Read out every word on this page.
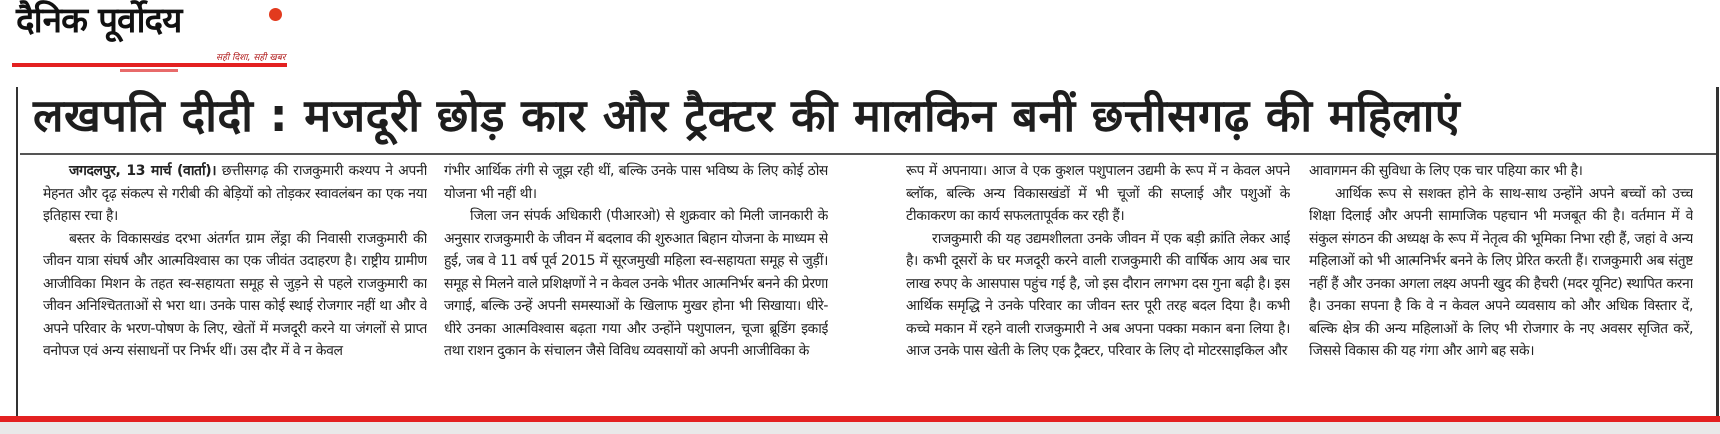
दैनिक पूर्वोदय
सही दिशा, सही खबर
लखपति दीदी : मजदूरी छोड़ कार और ट्रैक्टर की मालकिन बनीं छत्तीसगढ़ की महिलाएं

जगदलपुर, 13 मार्च (वार्ता)। छत्तीसगढ़ की राजकुमारी कश्यप ने अपनी मेहनत और दृढ़ संकल्प से गरीबी की बेड़ियों को तोड़कर स्वावलंबन का एक नया इतिहास रचा है।

बस्तर के विकासखंड दरभा अंतर्गत ग्राम लेंड्रा की निवासी राजकुमारी की जीवन यात्रा संघर्ष और आत्मविश्वास का एक जीवंत उदाहरण है। राष्ट्रीय ग्रामीण आजीविका मिशन के तहत स्व-सहायता समूह से जुड़ने से पहले राजकुमारी का जीवन अनिश्चितताओं से भरा था। उनके पास कोई स्थाई रोजगार नहीं था और वे अपने परिवार के भरण-पोषण के लिए, खेतों में मजदूरी करने या जंगलों से प्राप्त वनोपज एवं अन्य संसाधनों पर निर्भर थीं। उस दौर में वे न केवल

गंभीर आर्थिक तंगी से जूझ रही थीं, बल्कि उनके पास भविष्य के लिए कोई ठोस योजना भी नहीं थी।

जिला जन संपर्क अधिकारी (पीआरओ) से शुक्रवार को मिली जानकारी के अनुसार राजकुमारी के जीवन में बदलाव की शुरुआत बिहान योजना के माध्यम से हुई, जब वे 11 वर्ष पूर्व 2015 में सूरजमुखी महिला स्व-सहायता समूह से जुड़ीं। समूह से मिलने वाले प्रशिक्षणों ने न केवल उनके भीतर आत्मनिर्भर बनने की प्रेरणा जगाई, बल्कि उन्हें अपनी समस्याओं के खिलाफ मुखर होना भी सिखाया। धीरे-धीरे उनका आत्मविश्वास बढ़ता गया और उन्होंने पशुपालन, चूजा ब्रूडिंग इकाई तथा राशन दुकान के संचालन जैसे विविध व्यवसायों को अपनी आजीविका के

रूप में अपनाया। आज वे एक कुशल पशुपालन उद्यमी के रूप में न केवल अपने ब्लॉक, बल्कि अन्य विकासखंडों में भी चूजों की सप्लाई और पशुओं के टीकाकरण का कार्य सफलतापूर्वक कर रही हैं।

राजकुमारी की यह उद्यमशीलता उनके जीवन में एक बड़ी क्रांति लेकर आई है। कभी दूसरों के घर मजदूरी करने वाली राजकुमारी की वार्षिक आय अब चार लाख रुपए के आसपास पहुंच गई है, जो इस दौरान लगभग दस गुना बढ़ी है। इस आर्थिक समृद्धि ने उनके परिवार का जीवन स्तर पूरी तरह बदल दिया है। कभी कच्चे मकान में रहने वाली राजकुमारी ने अब अपना पक्का मकान बना लिया है। आज उनके पास खेती के लिए एक ट्रैक्टर, परिवार के लिए दो मोटरसाइकिल और

आवागमन की सुविधा के लिए एक चार पहिया कार भी है।

आर्थिक रूप से सशक्त होने के साथ-साथ उन्होंने अपने बच्चों को उच्च शिक्षा दिलाई और अपनी सामाजिक पहचान भी मजबूत की है। वर्तमान में वे संकुल संगठन की अध्यक्ष के रूप में नेतृत्व की भूमिका निभा रही हैं, जहां वे अन्य महिलाओं को भी आत्मनिर्भर बनने के लिए प्रेरित करती हैं। राजकुमारी अब संतुष्ट नहीं हैं और उनका अगला लक्ष्य अपनी खुद की हैचरी (मदर यूनिट) स्थापित करना है। उनका सपना है कि वे न केवल अपने व्यवसाय को और अधिक विस्तार दें, बल्कि क्षेत्र की अन्य महिलाओं के लिए भी रोजगार के नए अवसर सृजित करें, जिससे विकास की यह गंगा और आगे बह सके।
